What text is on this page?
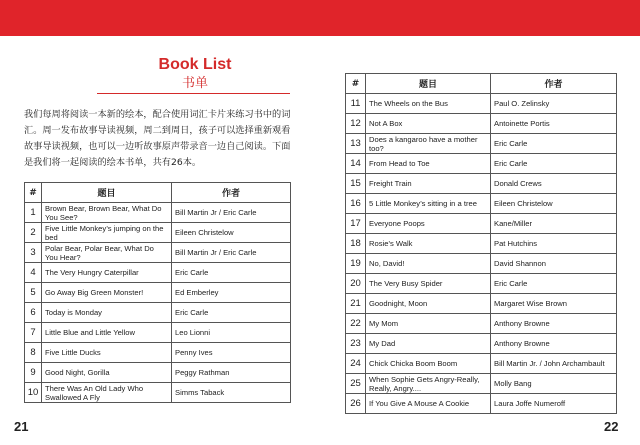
Book List
书单
我们每周将阅读一本新的绘本，配合使用词汇卡片来练习书中的词汇。周一发布故事导读视频，周二到周日，孩子可以选择重新观看故事导读视频，也可以一边听故事原声带录音一边自己阅读。下面是我们将一起阅读的绘本书单，共有26本。
#	题目	作者
1	Brown Bear, Brown Bear, What Do You See?	Bill Martin Jr / Eric Carle
2	Five Little Monkey’s jumping on the bed	Eileen Christelow
3	Polar Bear, Polar Bear, What Do You Hear?	Bill Martin Jr / Eric Carle
4	The Very Hungry Caterpillar	Eric Carle
5	Go Away Big Green Monster!	Ed Emberley
6	Today is Monday	Eric Carle
7	Little Blue and Little Yellow	Leo Lionni
8	Five Little Ducks	Penny Ives
9	Good Night, Gorilla	Peggy Rathman
10	There Was An Old Lady Who Swallowed A Fly	Simms Taback
#	题目	作者
11	The Wheels on the Bus	Paul O. Zelinsky
12	Not A Box	Antoinette Portis
13	Does a kangaroo have a mother too?	Eric Carle
14	From Head to Toe	Eric Carle
15	Freight Train	Donald Crews
16	5 Little Monkey’s sitting in a tree	Eileen Christelow
17	Everyone Poops	Kane/Miller
18	Rosie’s Walk	Pat Hutchins
19	No, David!	David Shannon
20	The Very Busy Spider	Eric Carle
21	Goodnight, Moon	Margaret Wise Brown
22	My Mom	Anthony Browne
23	My Dad	Anthony Browne
24	Chick Chicka Boom Boom	Bill Martin Jr. / John Archambault
25	When Sophie Gets Angry-Really, Really, Angry....	Molly Bang
26	If You Give A Mouse A Cookie	Laura Joffe Numeroff
21	22
